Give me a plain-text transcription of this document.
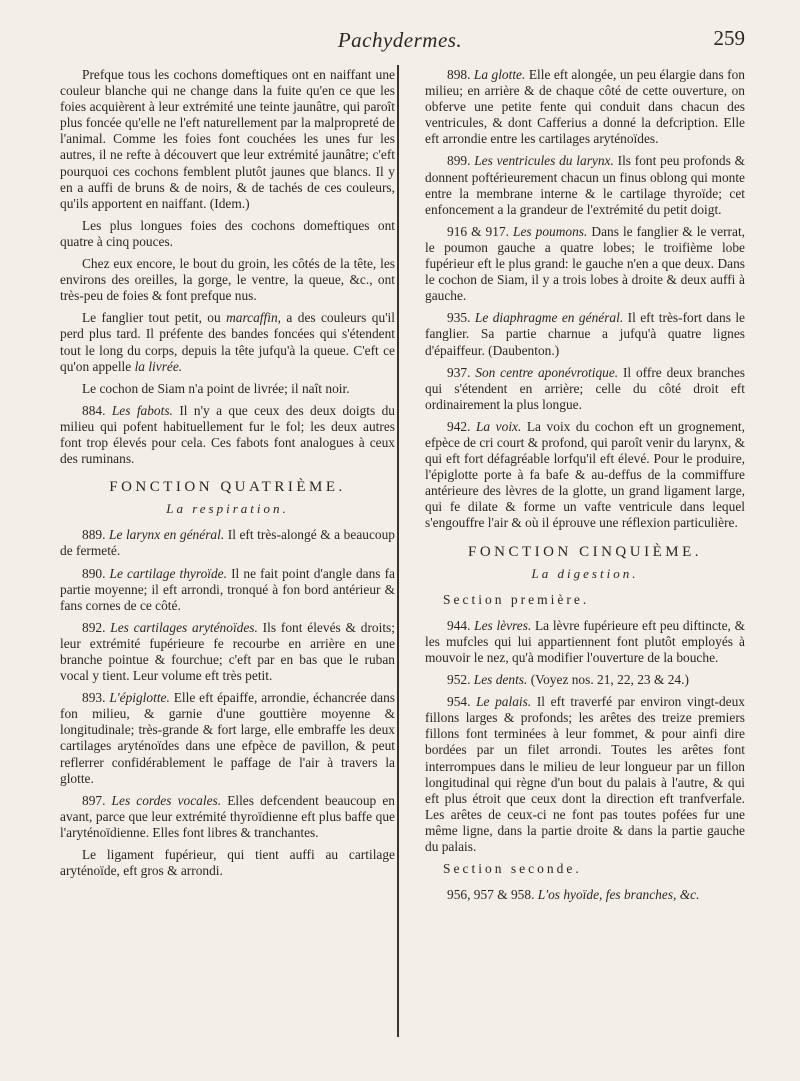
Pachydermes.	259

Prefque tous les cochons domeftiques ont en naiffant une couleur blanche qui ne change dans la fuite qu'en ce que les foies acquièrent à leur extrémité une teinte jaunâtre, qui paroît plus foncée qu'elle ne l'eft naturellement par la malpropreté de l'animal. Comme les foies font couchées les unes fur les autres, il ne refte à découvert que leur extrémité jaunâtre; c'eft pourquoi ces cochons femblent plutôt jaunes que blancs. Il y en a auffi de bruns & de noirs, & de tachés de ces couleurs, qu'ils apportent en naiffant. (Idem.)

Les plus longues foies des cochons domeftiques ont quatre à cinq pouces.

Chez eux encore, le bout du groin, les côtés de la tête, les environs des oreilles, la gorge, le ventre, la queue, &c., ont très-peu de foies & font prefque nus.

Le fanglier tout petit, ou marcaffin, a des couleurs qu'il perd plus tard. Il préfente des bandes foncées qui s'étendent tout le long du corps, depuis la tête jufqu'à la queue. C'eft ce qu'on appelle la livrée.

Le cochon de Siam n'a point de livrée; il naît noir.

884. Les fabots. Il n'y a que ceux des deux doigts du milieu qui pofent habituellement fur le fol; les deux autres font trop élevés pour cela. Ces fabots font analogues à ceux des ruminans.

FONCTION QUATRIÈME.
La respiration.

889. Le larynx en général. Il eft très-alongé & a beaucoup de fermeté.

890. Le cartilage thyroïde. Il ne fait point d'angle dans fa partie moyenne; il eft arrondi, tronqué à fon bord antérieur & fans cornes de ce côté.

892. Les cartilages aryténoïdes. Ils font élevés & droits; leur extrémité fupérieure fe recourbe en arrière en une branche pointue & fourchue; c'eft par en bas que le ruban vocal y tient. Leur volume eft très petit.

893. L'épiglotte. Elle eft épaiffe, arrondie, échancrée dans fon milieu, & garnie d'une gouttière moyenne & longitudinale; très-grande & fort large, elle embraffe les deux cartilages aryténoïdes dans une efpèce de pavillon, & peut reflerrer confidérablement le paffage de l'air à travers la glotte.

897. Les cordes vocales. Elles defcendent beaucoup en avant, parce que leur extrémité thyroïdienne eft plus baffe que l'aryténoïdienne. Elles font libres & tranchantes.

Le ligament fupérieur, qui tient auffi au cartilage aryténoïde, eft gros & arrondi.

898. La glotte. Elle eft alongée, un peu élargie dans fon milieu; en arrière & de chaque côté de cette ouverture, on obferve une petite fente qui conduit dans chacun des ventricules, & dont Cafferius a donné la defcription. Elle eft arrondie entre les cartilages aryténoïdes.

899. Les ventricules du larynx. Ils font peu profonds & donnent poftérieurement chacun un finus oblong qui monte entre la membrane interne & le cartilage thyroïde; cet enfoncement a la grandeur de l'extrémité du petit doigt.

916 & 917. Les poumons. Dans le fanglier & le verrat, le poumon gauche a quatre lobes; le troifième lobe fupérieur eft le plus grand: le gauche n'en a que deux. Dans le cochon de Siam, il y a trois lobes à droite & deux auffi à gauche.

935. Le diaphragme en général. Il eft très-fort dans le fanglier. Sa partie charnue a jufqu'à quatre lignes d'épaiffeur. (Daubenton.)

937. Son centre aponévrotique. Il offre deux branches qui s'étendent en arrière; celle du côté droit eft ordinairement la plus longue.

942. La voix. La voix du cochon eft un grognement, efpèce de cri court & profond, qui paroît venir du larynx, & qui eft fort défagréable lorfqu'il eft élevé. Pour le produire, l'épiglotte porte à fa bafe & au-deffus de la commiffure antérieure des lèvres de la glotte, un grand ligament large, qui fe dilate & forme un vafte ventricule dans lequel s'engouffre l'air & où il éprouve une réflexion particulière.

FONCTION CINQUIÈME.
La digestion.
Section première.

944. Les lèvres. La lèvre fupérieure eft peu diftincte, & les mufcles qui lui appartiennent font plutôt employés à mouvoir le nez, qu'à modifier l'ouverture de la bouche.

952. Les dents. (Voyez nos. 21, 22, 23 & 24.)

954. Le palais. Il eft traverfé par environ vingt-deux fillons larges & profonds; les arêtes des treize premiers fillons font terminées à leur fommet, & pour ainfi dire bordées par un filet arrondi. Toutes les arêtes font interrompues dans le milieu de leur longueur par un fillon longitudinal qui règne d'un bout du palais à l'autre, & qui eft plus étroit que ceux dont la direction eft tranfverfale. Les arêtes de ceux-ci ne font pas toutes pofées fur une même ligne, dans la partie droite & dans la partie gauche du palais.

Section seconde.

956, 957 & 958. L'os hyoïde, fes branches, &c.
